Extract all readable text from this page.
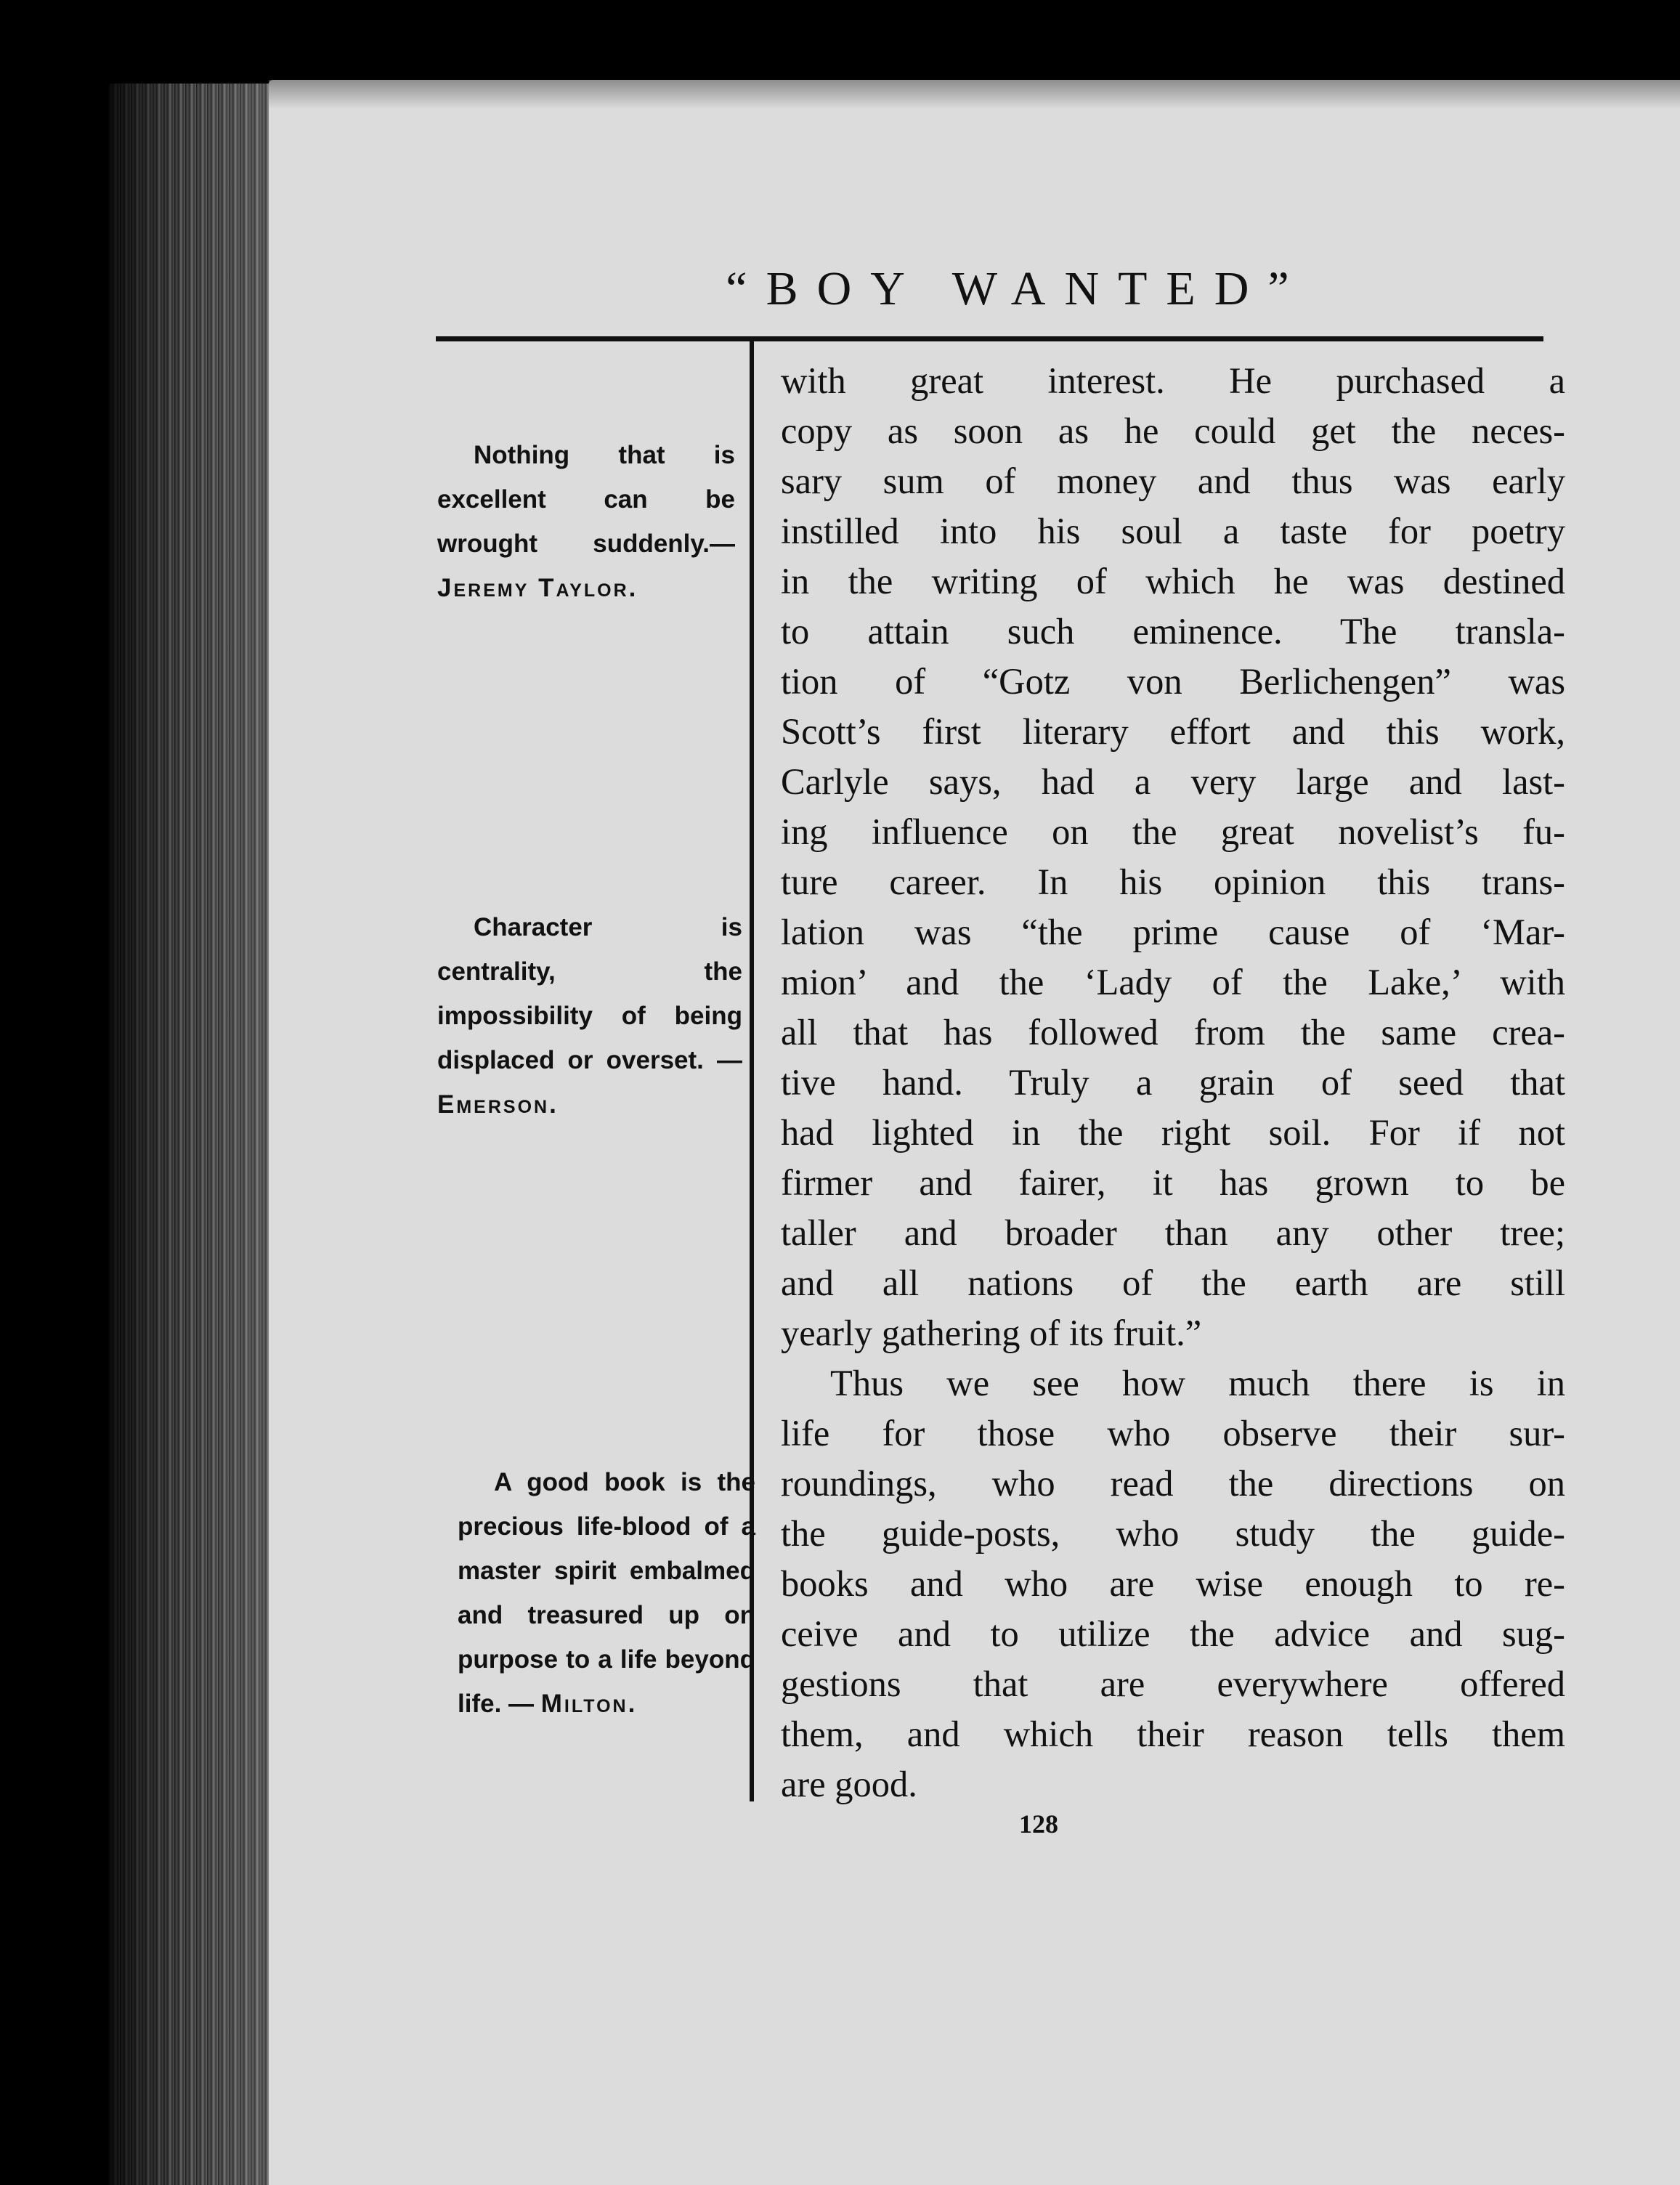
“BOY WANTED”
Nothing that is excellent can be wrought suddenly.— Jeremy Taylor.
Character is centrality, the impossibility of being displaced or overset. — Emerson.
A good book is the precious life-blood of a master spirit embalmed and treasured up on purpose to a life beyond life. — Milton.
with great interest. He purchased a
copy as soon as he could get the neces-
sary sum of money and thus was early
instilled into his soul a taste for poetry
in the writing of which he was destined
to attain such eminence. The transla-
tion of “Gotz von Berlichengen” was
Scott’s first literary effort and this work,
Carlyle says, had a very large and last-
ing influence on the great novelist’s fu-
ture career. In his opinion this trans-
lation was “the prime cause of ‘Mar-
mion’ and the ‘Lady of the Lake,’ with
all that has followed from the same crea-
tive hand. Truly a grain of seed that
had lighted in the right soil. For if not
firmer and fairer, it has grown to be
taller and broader than any other tree;
and all nations of the earth are still
yearly gathering of its fruit.”
Thus we see how much there is in
life for those who observe their sur-
roundings, who read the directions on
the guide-posts, who study the guide-
books and who are wise enough to re-
ceive and to utilize the advice and sug-
gestions that are everywhere offered
them, and which their reason tells them
are good.
128
